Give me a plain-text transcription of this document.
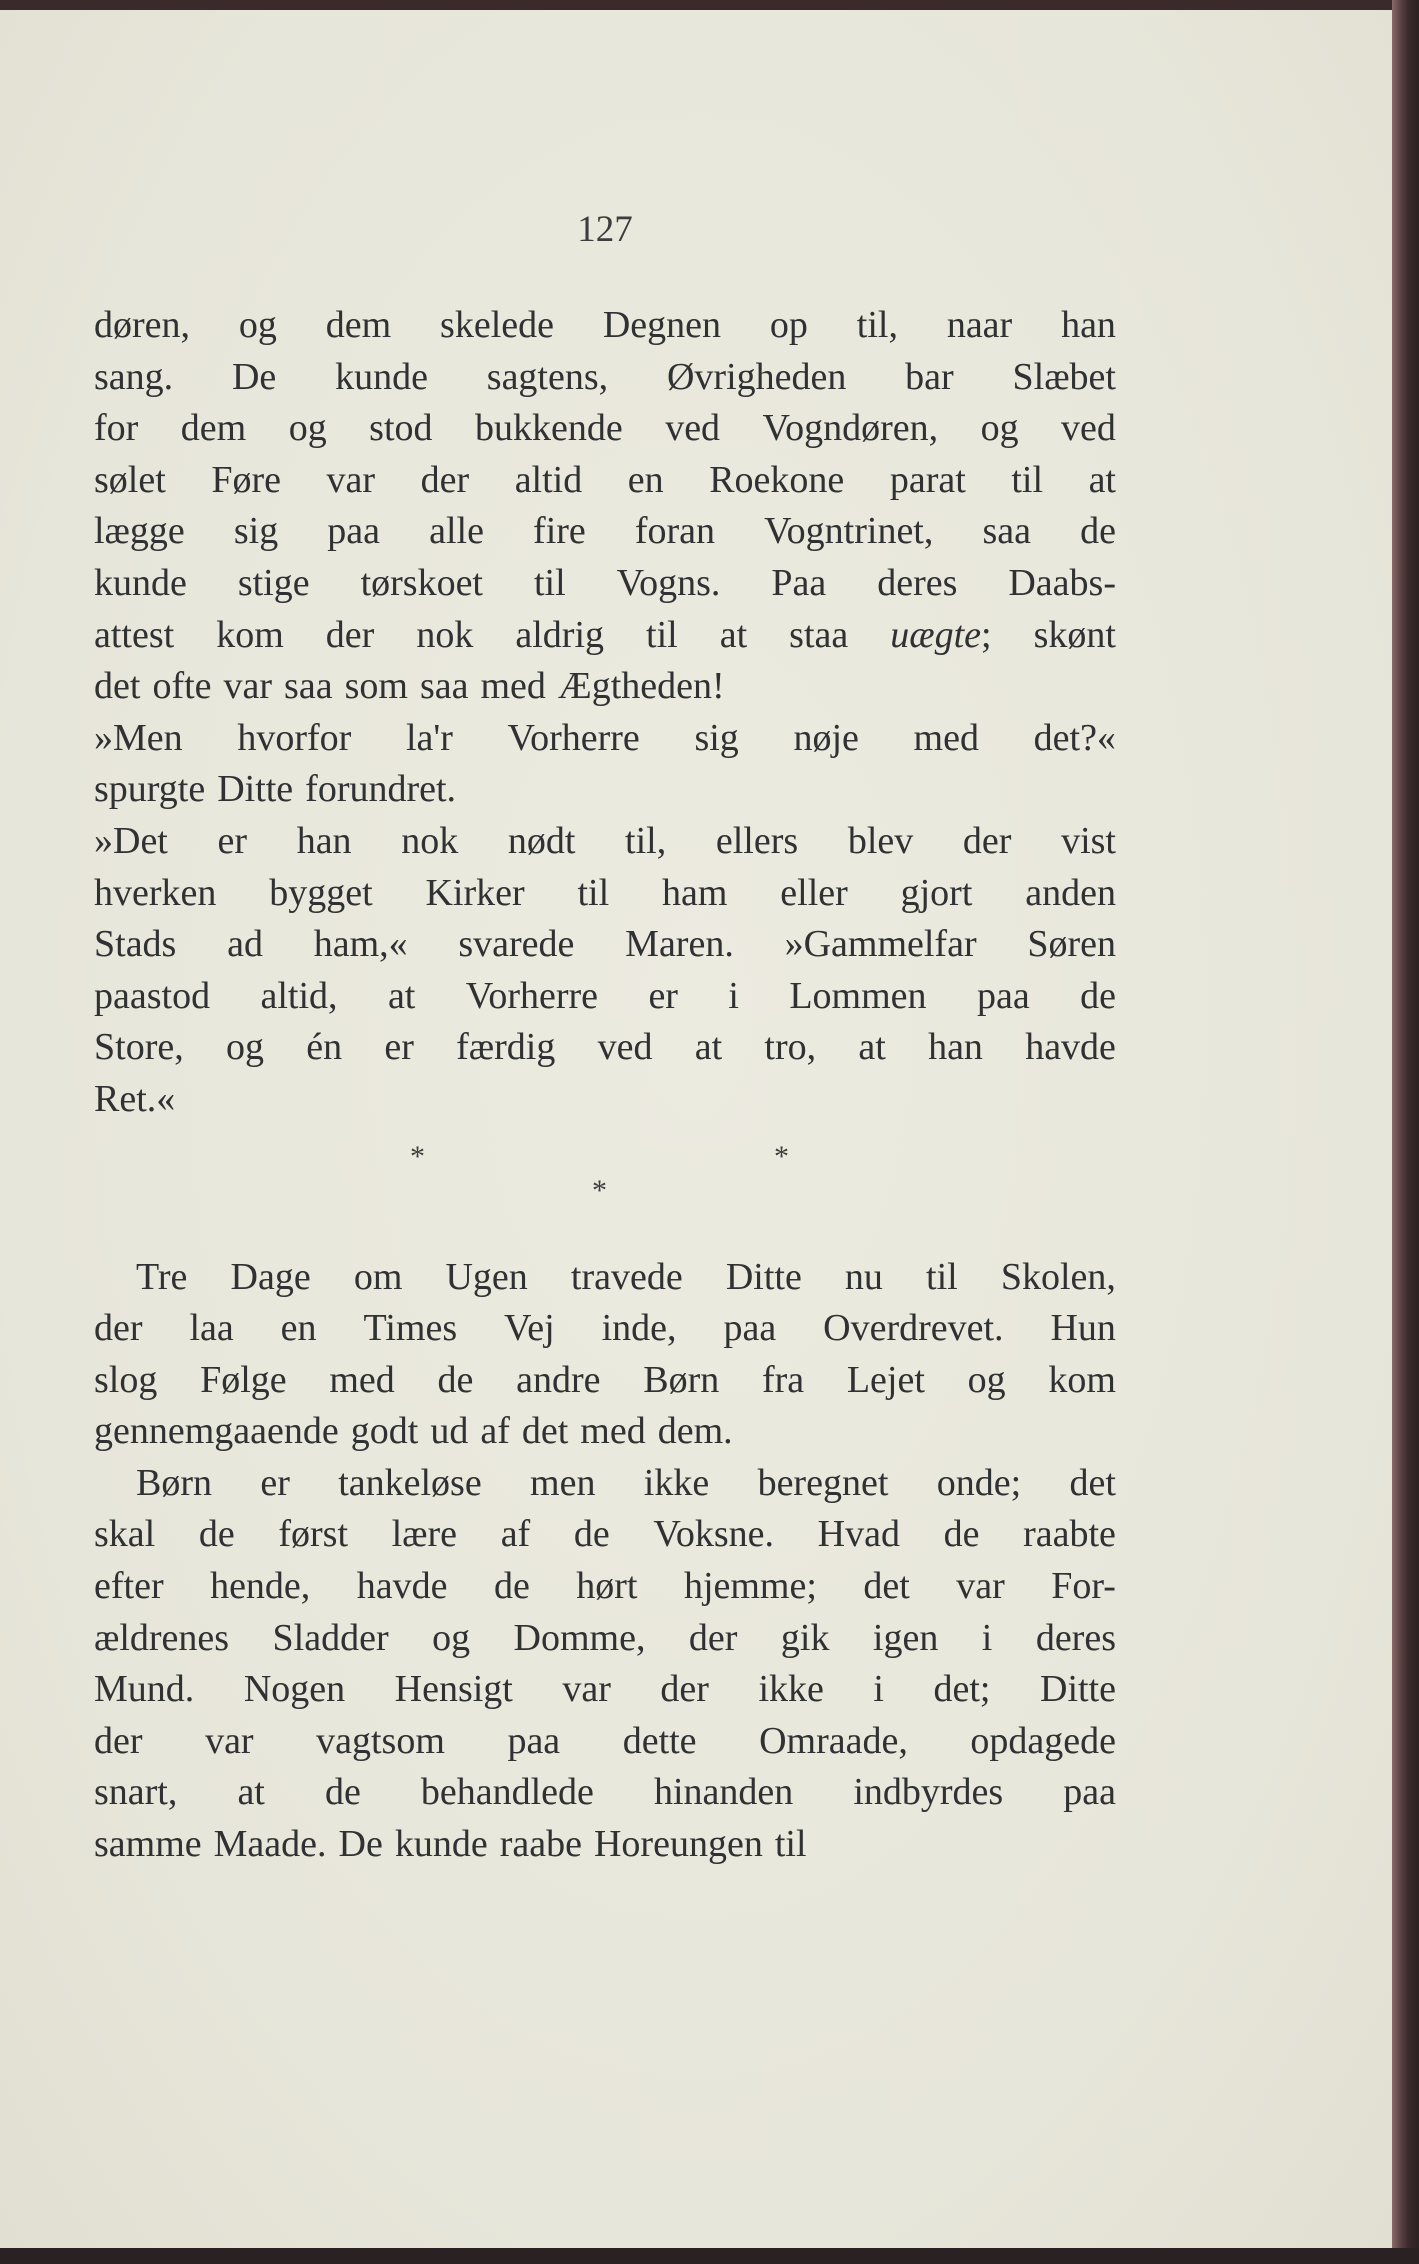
127
døren, og dem skelede Degnen op til, naar han
sang. De kunde sagtens, Øvrigheden bar Slæbet
for dem og stod bukkende ved Vogndøren, og ved
sølet Føre var der altid en Roekone parat til at
lægge sig paa alle fire foran Vogntrinet, saa de
kunde stige tørskoet til Vogns. Paa deres Daabs-
attest kom der nok aldrig til at staa uægte; skønt
det ofte var saa som saa med Ægtheden!
»Men hvorfor la'r Vorherre sig nøje med det?«
spurgte Ditte forundret.
»Det er han nok nødt til, ellers blev der vist
hverken bygget Kirker til ham eller gjort anden
Stads ad ham,« svarede Maren. »Gammelfar Søren
paastod altid, at Vorherre er i Lommen paa de
Store, og én er færdig ved at tro, at han havde
Ret.«
*	*
*
Tre Dage om Ugen travede Ditte nu til Skolen,
der laa en Times Vej inde, paa Overdrevet. Hun
slog Følge med de andre Børn fra Lejet og kom
gennemgaaende godt ud af det med dem.
Børn er tankeløse men ikke beregnet onde; det
skal de først lære af de Voksne. Hvad de raabte
efter hende, havde de hørt hjemme; det var For-
ældrenes Sladder og Domme, der gik igen i deres
Mund. Nogen Hensigt var der ikke i det; Ditte
der var vagtsom paa dette Omraade, opdagede
snart, at de behandlede hinanden indbyrdes paa
samme Maade. De kunde raabe Horeungen til
